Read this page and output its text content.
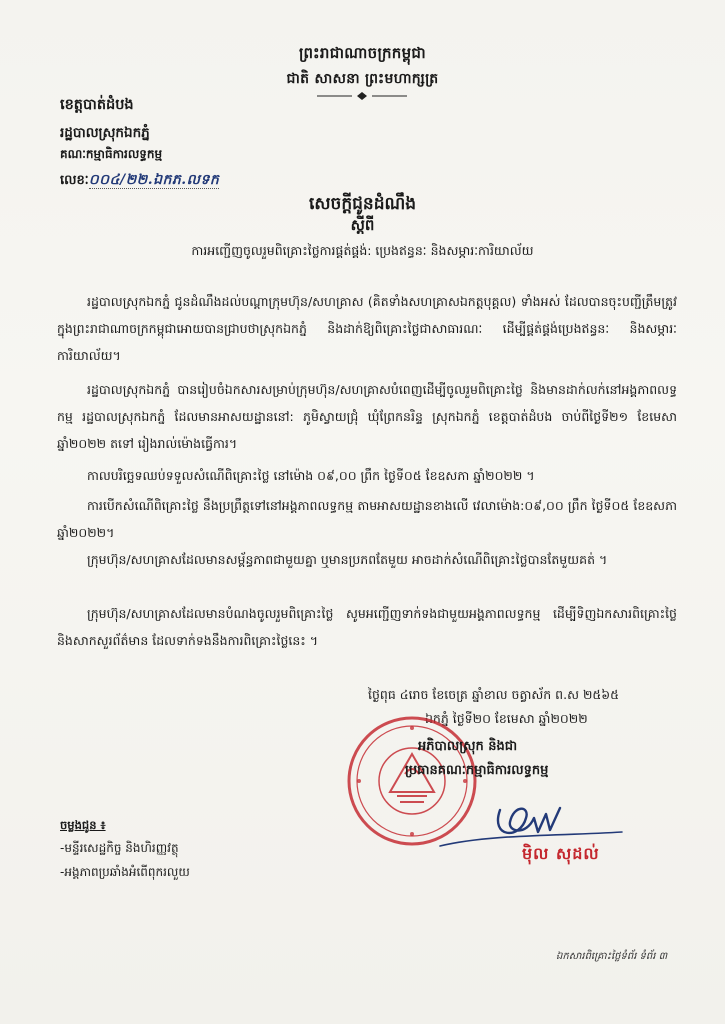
ព្រះរាជាណាចក្រកម្ពុជា
ជាតិ សាសនា ព្រះមហាក្សត្រ
ខេត្តបាត់ដំបង
រដ្ឋបាលស្រុកឯកភ្នំ
គណៈកម្មាធិការលទ្ធកម្ម
លេខៈ០០៤/២២.ឯកភ.លទក
សេចក្តីជូនដំណឹង
ស្តីពី
ការអញ្ជើញចូលរួមពិគ្រោះថ្លៃការផ្គត់ផ្គង់: ប្រេងឥន្ធនៈ និងសម្ភារៈការិយាល័យ
រដ្ឋបាលស្រុកឯកភ្នំ ជូនដំណឹងដល់បណ្តាក្រុមហ៊ុន/សហគ្រាស (គិតទាំងសហគ្រាសឯកត្តបុគ្គល) ទាំងអស់ ដែលបានចុះបញ្ជីត្រឹមត្រូវក្នុងព្រះរាជាណាចក្រកម្ពុជាអោយបានជ្រាបថាស្រុកឯកភ្នំ និងដាក់ឱ្យពិគ្រោះថ្លៃជាសាធារណៈ ដើម្បីផ្គត់ផ្គង់ប្រេងឥន្ធនៈ និងសម្ភារៈការិយាល័យ។
រដ្ឋបាលស្រុកឯកភ្នំ បានរៀបចំឯកសារសម្រាប់ក្រុមហ៊ុន/សហគ្រាសបំពេញដើម្បីចូលរួមពិគ្រោះថ្លៃ និងមានដាក់លក់នៅអង្គភាពលទ្ធកម្ម រដ្ឋបាលស្រុកឯកភ្នំ ដែលមានអាសយដ្ឋាននៅ: ភូមិស្វាយជ្រុំ ឃុំព្រែកនរិន្ទ ស្រុកឯកភ្នំ ខេត្តបាត់ដំបង ចាប់ពីថ្ងៃទី២១ ខែមេសា ឆ្នាំ២០២២ តទៅ រៀងរាល់ម៉ោងធ្វើការ។
កាលបរិច្ឆេទឈប់ទទួលសំណើពិគ្រោះថ្លៃ នៅម៉ោង ០៩,០០ ព្រឹក ថ្ងៃទី០៥ ខែឧសភា ឆ្នាំ២០២២ ។
ការបើកសំណើពិគ្រោះថ្លៃ នឹងប្រព្រឹត្តទៅនៅអង្គភាពលទ្ធកម្ម តាមអាសយដ្ឋានខាងលើ វេលាម៉ោង:០៩,០០ ព្រឹក ថ្ងៃទី០៥ ខែឧសភា ឆ្នាំ២០២២។
ក្រុមហ៊ុន/សហគ្រាសដែលមានសម្ព័ន្ធភាពជាមួយគ្នា ឬមានប្រភពតែមួយ អាចដាក់សំណើពិគ្រោះថ្លៃបានតែមួយគត់ ។
ក្រុមហ៊ុន/សហគ្រាសដែលមានបំណងចូលរួមពិគ្រោះថ្លៃ សូមអញ្ជើញទាក់ទងជាមួយអង្គភាពលទ្ធកម្ម ដើម្បីទិញឯកសារពិគ្រោះថ្លៃ និងសាកសួរព័ត៌មាន ដែលទាក់ទងនឹងការពិគ្រោះថ្លៃនេះ ។
ថ្ងៃពុធ ៤រោច ខែចេត្រ ឆ្នាំខាល ចត្វាស័ក ព.ស ២៥៦៥
ឯកភ្នំ ថ្ងៃទី២០ ខែមេសា ឆ្នាំ២០២២
អភិបាលស្រុក និងជា
ប្រធានគណៈកម្មាធិការលទ្ធកម្ម
ម៉ិល សុដល់
ចម្លងជូន ៖
-មន្ទីរសេដ្ឋកិច្ច និងហិរញ្ញវត្ថុ
-អង្គភាពប្រឆាំងអំពើពុករលួយ
ឯកសារពិគ្រោះថ្លៃទំព័រ ទំព័រ ៣
